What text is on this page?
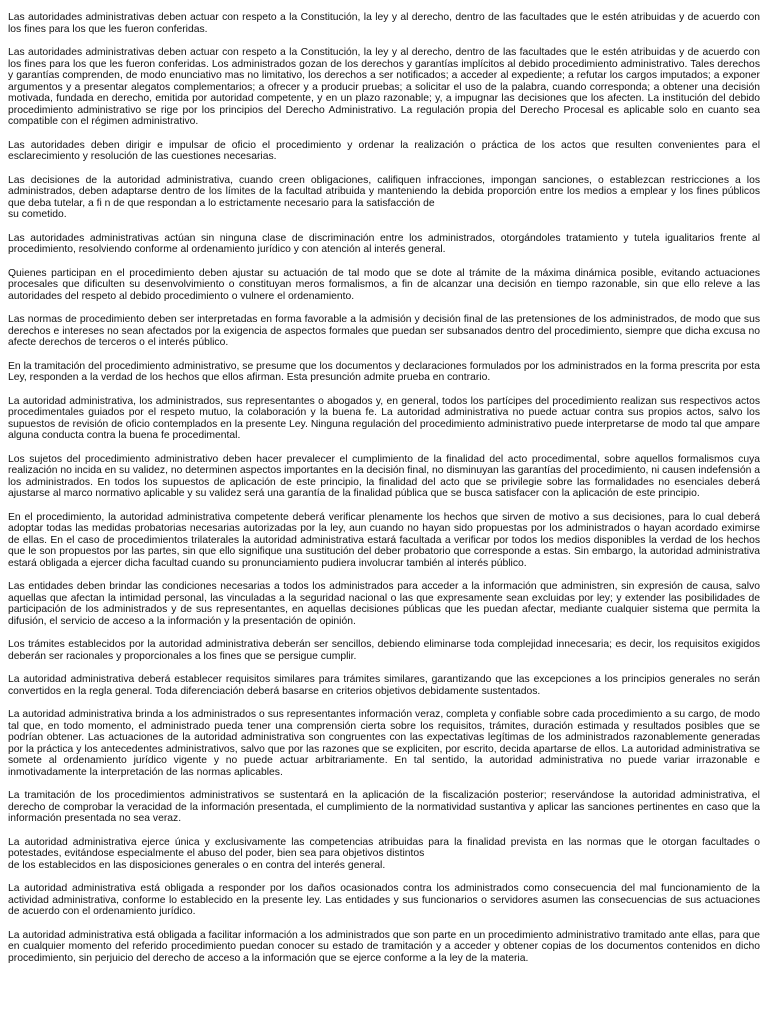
Las autoridades administrativas deben actuar con respeto a la Constitución, la ley y al derecho, dentro de las facultades que le estén atribuidas y de acuerdo con los fines para los que les fueron conferidas.

Las autoridades administrativas deben actuar con respeto a la Constitución, la ley y al derecho, dentro de las facultades que le estén atribuidas y de acuerdo con los fines para los que les fueron conferidas. Los administrados gozan de los derechos y garantías implícitos al debido procedimiento administrativo. Tales derechos y garantías comprenden, de modo enunciativo mas no limitativo, los derechos a ser notificados; a acceder al expediente; a refutar los cargos imputados; a exponer argumentos y a presentar alegatos complementarios; a ofrecer y a producir pruebas; a solicitar el uso de la palabra, cuando corresponda; a obtener una decisión motivada, fundada en derecho, emitida por autoridad competente, y en un plazo razonable; y, a impugnar las decisiones que los afecten. La institución del debido procedimiento administrativo se rige por los principios del Derecho Administrativo. La regulación propia del Derecho Procesal es aplicable solo en cuanto sea compatible con el régimen administrativo.

Las autoridades deben dirigir e impulsar de oficio el procedimiento y ordenar la realización o práctica de los actos que resulten convenientes para el esclarecimiento y resolución de las cuestiones necesarias.

Las decisiones de la autoridad administrativa, cuando creen obligaciones, califiquen infracciones, impongan sanciones, o establezcan restricciones a los administrados, deben adaptarse dentro de los límites de la facultad atribuida y manteniendo la debida proporción entre los medios a emplear y los fines públicos que deba tutelar, a fi n de que respondan a lo estrictamente necesario para la satisfacción de
su cometido.

Las autoridades administrativas actúan sin ninguna clase de discriminación entre los administrados, otorgándoles tratamiento y tutela igualitarios frente al procedimiento, resolviendo conforme al ordenamiento jurídico y con atención al interés general.

Quienes participan en el procedimiento deben ajustar su actuación de tal modo que se dote al trámite de la máxima dinámica posible, evitando actuaciones procesales que dificulten su desenvolvimiento o constituyan meros formalismos, a fin de alcanzar una decisión en tiempo razonable, sin que ello releve a las autoridades del respeto al debido procedimiento o vulnere el ordenamiento.

Las normas de procedimiento deben ser interpretadas en forma favorable a la admisión y decisión final de las pretensiones de los administrados, de modo que sus derechos e intereses no sean afectados por la exigencia de aspectos formales que puedan ser subsanados dentro del procedimiento, siempre que dicha excusa no afecte derechos de terceros o el interés público.

En la tramitación del procedimiento administrativo, se presume que los documentos y declaraciones formulados por los administrados en la forma prescrita por esta Ley, responden a la verdad de los hechos que ellos afirman. Esta presunción admite prueba en contrario.

La autoridad administrativa, los administrados, sus representantes o abogados y, en general, todos los partícipes del procedimiento realizan sus respectivos actos procedimentales guiados por el respeto mutuo, la colaboración y la buena fe. La autoridad administrativa no puede actuar contra sus propios actos, salvo los supuestos de revisión de oficio contemplados en la presente Ley. Ninguna regulación del procedimiento administrativo puede interpretarse de modo tal que ampare alguna conducta contra la buena fe procedimental.

Los sujetos del procedimiento administrativo deben hacer prevalecer el cumplimiento de la finalidad del acto procedimental, sobre aquellos formalismos cuya realización no incida en su validez, no determinen aspectos importantes en la decisión final, no disminuyan las garantías del procedimiento, ni causen indefensión a los administrados. En todos los supuestos de aplicación de este principio, la finalidad del acto que se privilegie sobre las formalidades no esenciales deberá ajustarse al marco normativo aplicable y su validez será una garantía de la finalidad pública que se busca satisfacer con la aplicación de este principio.

En el procedimiento, la autoridad administrativa competente deberá verificar plenamente los hechos que sirven de motivo a sus decisiones, para lo cual deberá adoptar todas las medidas probatorias necesarias autorizadas por la ley, aun cuando no hayan sido propuestas por los administrados o hayan acordado eximirse de ellas. En el caso de procedimientos trilaterales la autoridad administrativa estará facultada a verificar por todos los medios disponibles la verdad de los hechos que le son propuestos por las partes, sin que ello signifique una sustitución del deber probatorio que corresponde a estas. Sin embargo, la autoridad administrativa estará obligada a ejercer dicha facultad cuando su pronunciamiento pudiera involucrar también al interés público.

Las entidades deben brindar las condiciones necesarias a todos los administrados para acceder a la información que administren, sin expresión de causa, salvo aquellas que afectan la intimidad personal, las vinculadas a la seguridad nacional o las que expresamente sean excluidas por ley; y extender las posibilidades de participación de los administrados y de sus representantes, en aquellas decisiones públicas que les puedan afectar, mediante cualquier sistema que permita la difusión, el servicio de acceso a la información y la presentación de opinión.

Los trámites establecidos por la autoridad administrativa deberán ser sencillos, debiendo eliminarse toda complejidad innecesaria; es decir, los requisitos exigidos deberán ser racionales y proporcionales a los fines que se persigue cumplir.

La autoridad administrativa deberá establecer requisitos similares para trámites similares, garantizando que las excepciones a los principios generales no serán convertidos en la regla general. Toda diferenciación deberá basarse en criterios objetivos debidamente sustentados.

La autoridad administrativa brinda a los administrados o sus representantes información veraz, completa y confiable sobre cada procedimiento a su cargo, de modo tal que, en todo momento, el administrado pueda tener una comprensión cierta sobre los requisitos, trámites, duración estimada y resultados posibles que se podrían obtener. Las actuaciones de la autoridad administrativa son congruentes con las expectativas legítimas de los administrados razonablemente generadas por la práctica y los antecedentes administrativos, salvo que por las razones que se expliciten, por escrito, decida apartarse de ellos. La autoridad administrativa se somete al ordenamiento jurídico vigente y no puede actuar arbitrariamente. En tal sentido, la autoridad administrativa no puede variar irrazonable e inmotivadamente la interpretación de las normas aplicables.

La tramitación de los procedimientos administrativos se sustentará en la aplicación de la fiscalización posterior; reservándose la autoridad administrativa, el derecho de comprobar la veracidad de la información presentada, el cumplimiento de la normatividad sustantiva y aplicar las sanciones pertinentes en caso que la información presentada no sea veraz.

La autoridad administrativa ejerce única y exclusivamente las competencias atribuidas para la finalidad prevista en las normas que le otorgan facultades o potestades, evitándose especialmente el abuso del poder, bien sea para objetivos distintos
de los establecidos en las disposiciones generales o en contra del interés general.

La autoridad administrativa está obligada a responder por los daños ocasionados contra los administrados como consecuencia del mal funcionamiento de la actividad administrativa, conforme lo establecido en la presente ley. Las entidades y sus funcionarios o servidores asumen las consecuencias de sus actuaciones de acuerdo con el ordenamiento jurídico.

La autoridad administrativa está obligada a facilitar información a los administrados que son parte en un procedimiento administrativo tramitado ante ellas, para que en cualquier momento del referido procedimiento puedan conocer su estado de tramitación y a acceder y obtener copias de los documentos contenidos en dicho procedimiento, sin perjuicio del derecho de acceso a la información que se ejerce conforme a la ley de la materia.
